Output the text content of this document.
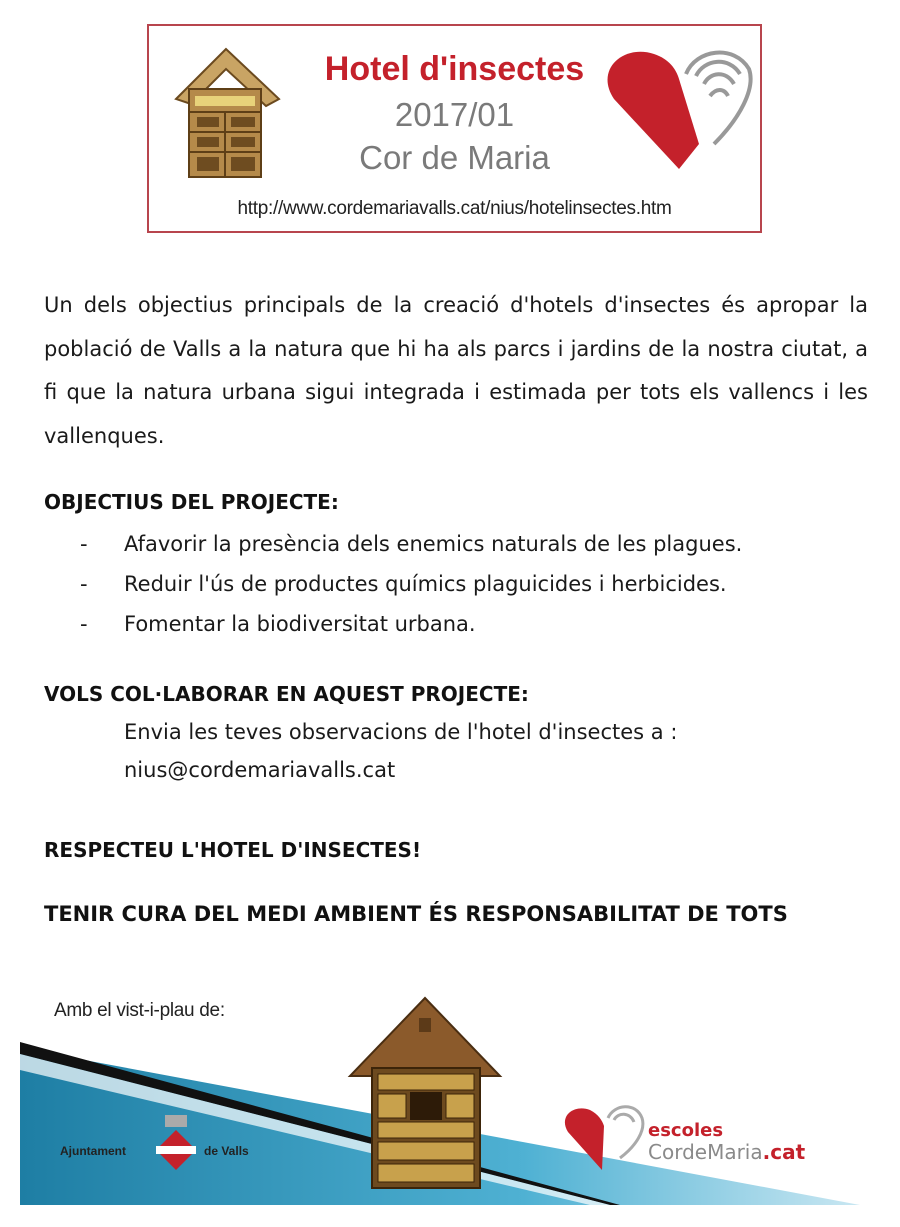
Hotel d'insectes
2017/01
Cor de Maria
http://www.cordemariavalls.cat/nius/hotelinsectes.htm
Un dels objectius principals de la creació d'hotels d'insectes és apropar la població de Valls a la natura que hi ha als parcs i jardins de la nostra ciutat, a fi que la natura urbana sigui integrada i estimada per tots els vallencs i les vallenques.
OBJECTIUS DEL PROJECTE:
- Afavorir la presència dels enemics naturals de les plagues.
- Reduir l'ús de productes químics plaguicides i herbicides.
- Fomentar la biodiversitat urbana.
VOLS COL·LABORAR EN AQUEST PROJECTE:
Envia les teves observacions de l'hotel d'insectes a :
nius@cordemariavalls.cat
RESPECTEU L'HOTEL D'INSECTES!
TENIR CURA DEL MEDI AMBIENT ÉS RESPONSABILITAT DE TOTS
Amb el vist-i-plau de:
Ajuntament	de Valls
escoles
CordeMaria.cat
